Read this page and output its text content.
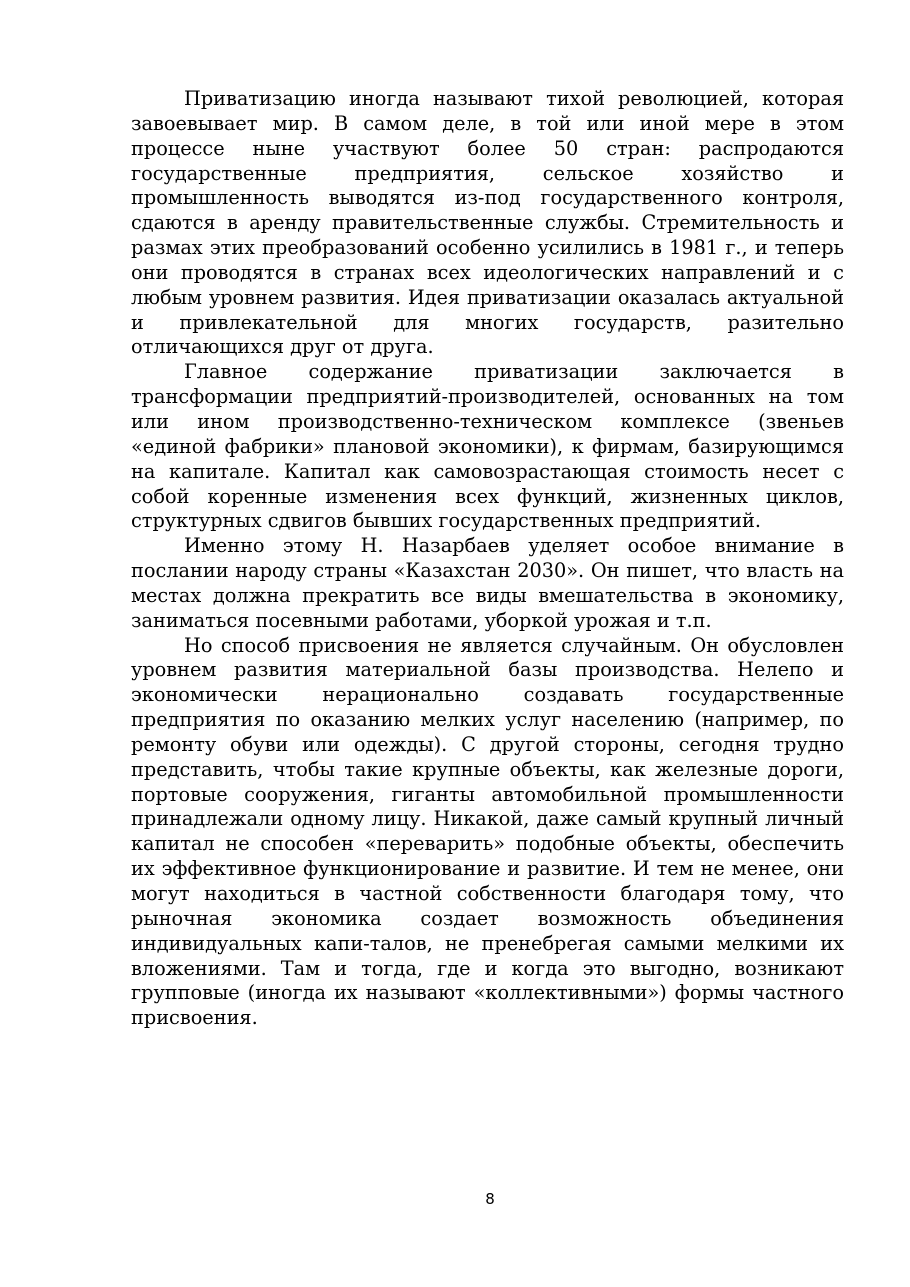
Приватизацию иногда называют тихой революцией, которая завоевывает мир. В самом деле, в той или иной мере в этом процессе ныне участвуют более 50 стран: распродаются государственные предприятия, сельское хозяйство и промышленность выводятся из-под государственного контроля, сдаются в аренду правительственные службы. Стремительность и размах этих преобразований особенно усилились в 1981 г., и теперь они проводятся в странах всех идеологических направлений и с любым уровнем развития. Идея приватизации оказалась актуальной и привлекательной для многих государств, разительно отличающихся друг от друга.

Главное содержание приватизации заключается в трансформации предприятий-производителей, основанных на том или ином производственно-техническом комплексе (звеньев «единой фабрики» плановой экономики), к фирмам, базирующимся на капитале. Капитал как самовозрастающая стоимость несет с собой коренные изменения всех функций, жизненных циклов, структурных сдвигов бывших государственных предприятий.

Именно этому Н. Назарбаев уделяет особое внимание в послании народу страны «Казахстан 2030». Он пишет, что власть на местах должна прекратить все виды вмешательства в экономику, заниматься посевными работами, уборкой урожая и т.п.

Но способ присвоения не является случайным. Он обусловлен уровнем развития материальной базы производства. Нелепо и экономически нерационально создавать государственные предприятия по оказанию мелких услуг населению (например, по ремонту обуви или одежды). С другой стороны, сегодня трудно представить, чтобы такие крупные объекты, как железные дороги, портовые сооружения, гиганты автомобильной промышленности принадлежали одному лицу. Никакой, даже самый крупный личный капитал не способен «переварить» подобные объекты, обеспечить их эффективное функционирование и развитие. И тем не менее, они могут находиться в частной собственности благодаря тому, что рыночная экономика создает возможность объединения индивидуальных капи-талов, не пренебрегая самыми мелкими их вложениями. Там и тогда, где и когда это выгодно, возникают групповые (иногда их называют «коллективными») формы частного присвоения.

8
